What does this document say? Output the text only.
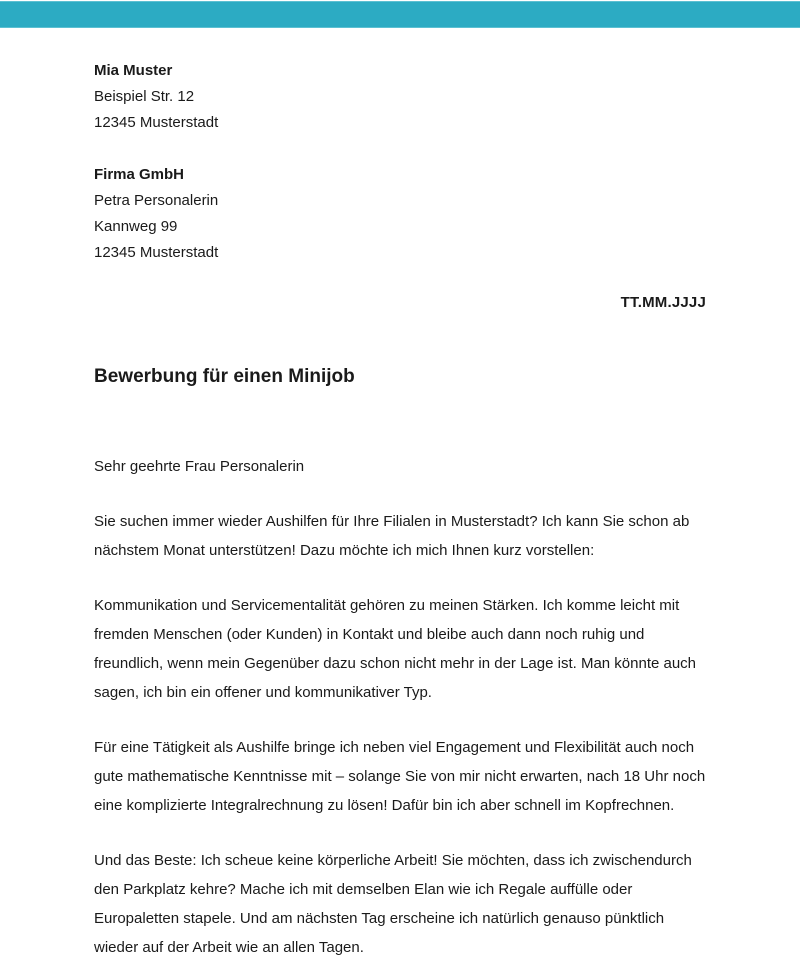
Mia Muster
Beispiel Str. 12
12345 Musterstadt
Firma GmbH
Petra Personalerin
Kannweg 99
12345 Musterstadt
TT.MM.JJJJ
Bewerbung für einen Minijob
Sehr geehrte Frau Personalerin
Sie suchen immer wieder Aushilfen für Ihre Filialen in Musterstadt? Ich kann Sie schon ab nächstem Monat unterstützen! Dazu möchte ich mich Ihnen kurz vorstellen:
Kommunikation und Servicementalität gehören zu meinen Stärken. Ich komme leicht mit fremden Menschen (oder Kunden) in Kontakt und bleibe auch dann noch ruhig und freundlich, wenn mein Gegenüber dazu schon nicht mehr in der Lage ist. Man könnte auch sagen, ich bin ein offener und kommunikativer Typ.
Für eine Tätigkeit als Aushilfe bringe ich neben viel Engagement und Flexibilität auch noch gute mathematische Kenntnisse mit – solange Sie von mir nicht erwarten, nach 18 Uhr noch eine komplizierte Integralrechnung zu lösen! Dafür bin ich aber schnell im Kopfrechnen.
Und das Beste: Ich scheue keine körperliche Arbeit! Sie möchten, dass ich zwischendurch den Parkplatz kehre? Mache ich mit demselben Elan wie ich Regale auffülle oder Europaletten stapele. Und am nächsten Tag erscheine ich natürlich genauso pünktlich wieder auf der Arbeit wie an allen Tagen.
